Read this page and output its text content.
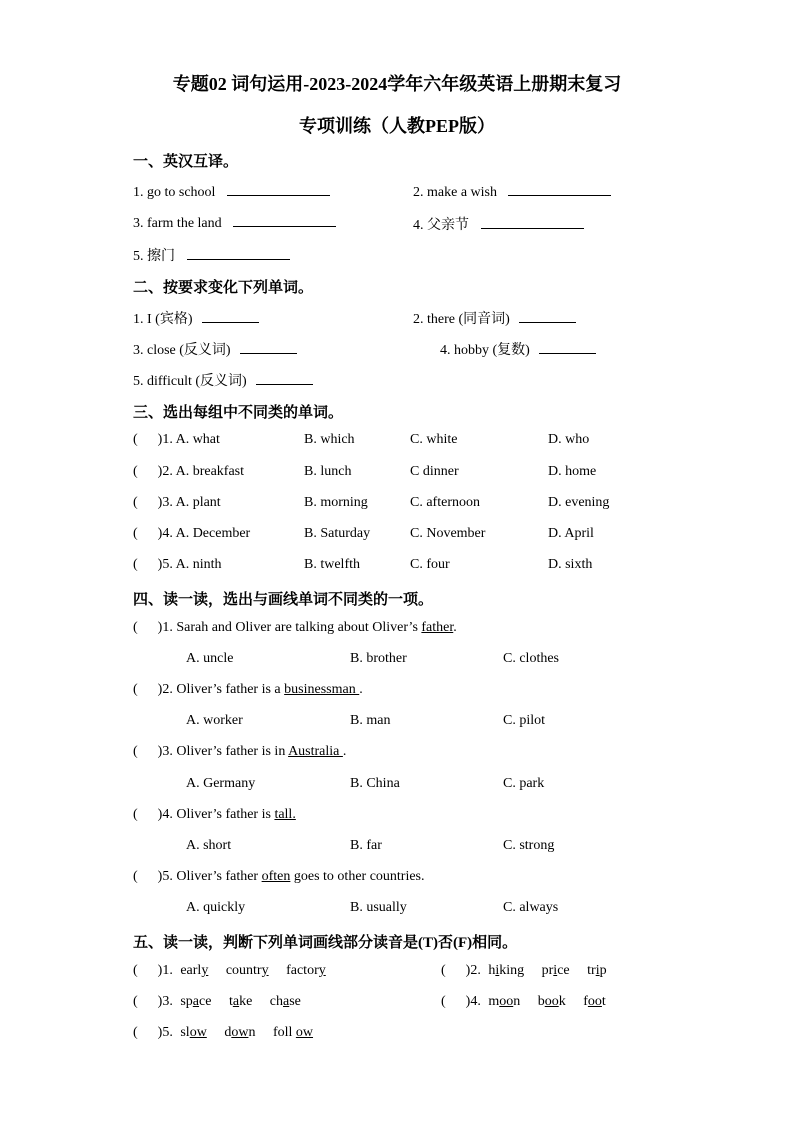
专题02 词句运用-2023-2024学年六年级英语上册期末复习
专项训练（人教PEP版）
一、英汉互译。
1. go to school	2. make a wish
3. farm the land	4. 父亲节
5. 擦门
二、按要求变化下列单词。
1. I (宾格)	2. there (同音词)
3. close (反义词)	4. hobby (复数)
5. difficult (反义词)
三、选出每组中不同类的单词。
( )1. A. what	B. which	C. white	D. who
( )2. A. breakfast	B. lunch	C dinner	D. home
( )3. A. plant	B. morning	C. afternoon	D. evening
( )4. A. December	B. Saturday	C. November	D. April
( )5. A. ninth	B. twelfth	C. four	D. sixth
四、读一读，选出与画线单词不同类的一项。
( )1. Sarah and Oliver are talking about Oliver’s father.
A. uncle	B. brother	C. clothes
( )2. Oliver’s father is a businessman .
A. worker	B. man	C. pilot
( )3. Oliver’s father is in Australia .
A. Germany	B. China	C. park
( )4. Oliver’s father is tall.
A. short	B. far	C. strong
( )5. Oliver’s father often goes to other countries.
A. quickly	B. usually	C. always
五、读一读，判断下列单词画线部分读音是(T)否(F)相同。
( )1. early country factory	( )2. hiking price trip
( )3. space take chase	( )4. moon book foot
( )5. slow down foll ow
